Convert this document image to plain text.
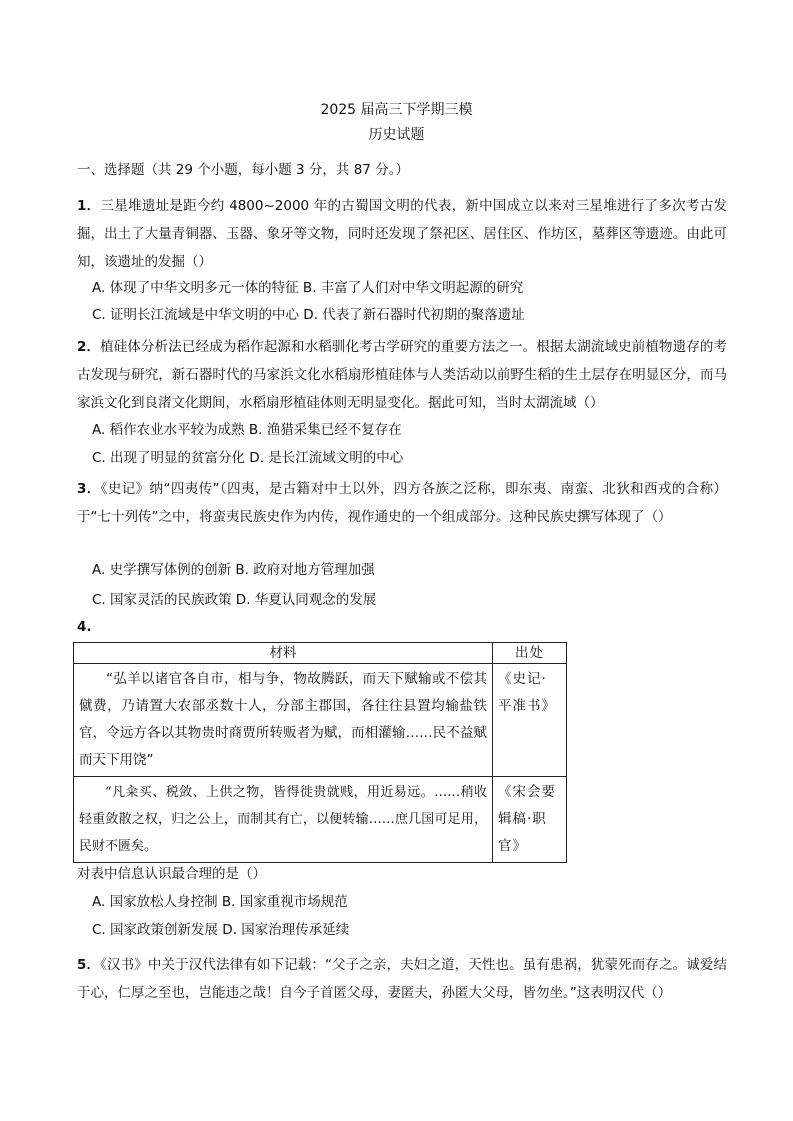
2025 届高三下学期三模
历史试题
一、选择题（共 29 个小题，每小题 3 分，共 87 分。）
1．三星堆遗址是距今约 4800~2000 年的古蜀国文明的代表，新中国成立以来对三星堆进行了多次考古发掘，出土了大量青铜器、玉器、象牙等文物，同时还发现了祭祀区、居住区、作坊区，墓葬区等遗迹。由此可知，该遗址的发掘（）
A. 体现了中华文明多元一体的特征 B. 丰富了人们对中华文明起源的研究
C. 证明长江流域是中华文明的中心 D. 代表了新石器时代初期的聚落遗址
2．植硅体分析法已经成为稻作起源和水稻驯化考古学研究的重要方法之一。根据太湖流域史前植物遗存的考古发现与研究，新石器时代的马家浜文化水稻扇形植硅体与人类活动以前野生稻的生土层存在明显区分，而马家浜文化到良渚文化期间，水稻扇形植硅体则无明显变化。据此可知，当时太湖流域（）
A. 稻作农业水平较为成熟 B. 渔猎采集已经不复存在
C. 出现了明显的贫富分化 D. 是长江流域文明的中心
3．《史记》纳“四夷传”（四夷，是古籍对中土以外，四方各族之泛称，即东夷、南蛮、北狄和西戎的合称）于“七十列传”之中，将蛮夷民族史作为内传，视作通史的一个组成部分。这种民族史撰写体现了（）
A. 史学撰写体例的创新 B. 政府对地方管理加强
C. 国家灵活的民族政策 D. 华夏认同观念的发展
4.
材料	出处
“弘羊以诸官各自市，相与争，物故腾跃，而天下赋输或不偿其僦费，乃请置大农部丞数十人，分部主郡国，各往往县置均输盐铁官，令远方各以其物贵时商贾所转贩者为赋，而相灌输……民不益赋而天下用饶”	《史记·平准书》
“凡籴买、税敛、上供之物，皆得徙贵就贱，用近易远。……稍收轻重敛散之权，归之公上，而制其有亡，以便转输……庶几国可足用，民财不匮矣。	《宋会要辑稿·职官》
对表中信息认识最合理的是（）
A. 国家放松人身控制 B. 国家重视市场规范
C. 国家政策创新发展 D. 国家治理传承延续
5．《汉书》中关于汉代法律有如下记载：“父子之亲，夫妇之道，天性也。虽有患祸，犹蒙死而存之。诚爱结于心，仁厚之至也，岂能违之哉！自今子首匿父母，妻匿夫，孙匿大父母，皆勿坐。”这表明汉代（）
